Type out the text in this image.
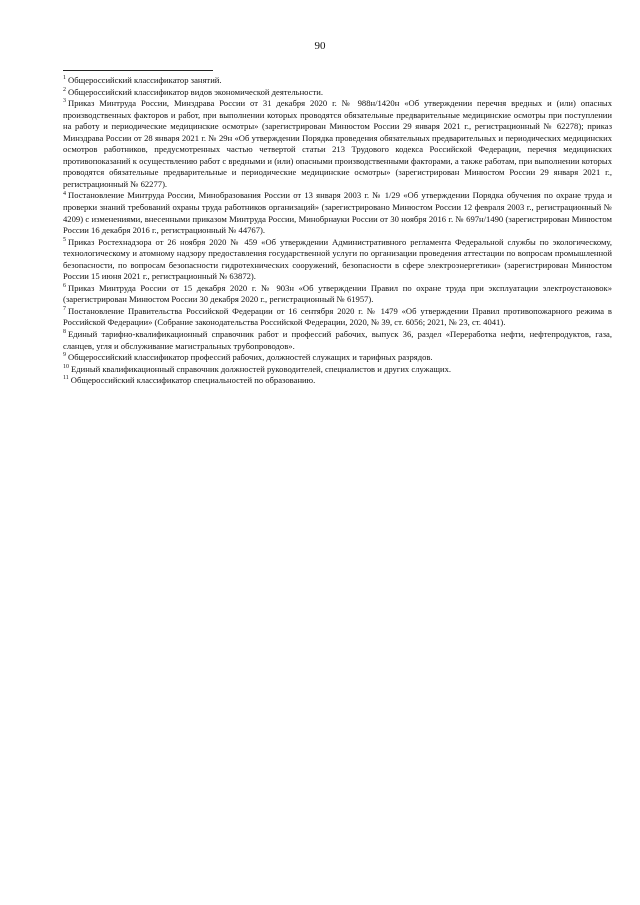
90

$^1$ Общероссийский классификатор занятий.

$^2$ Общероссийский классификатор видов экономической деятельности.

$^3$ Приказ Минтруда России, Минздрава России от 31 декабря 2020 г. № 988н/1420н «Об утверждении перечня вредных и (или) опасных производственных факторов и работ, при выполнении которых проводятся обязательные предварительные медицинские осмотры при поступлении на работу и периодические медицинские осмотры» (зарегистрирован Минюстом России 29 января 2021 г., регистрационный № 62278); приказ Минздрава России от 28 января 2021 г. № 29н «Об утверждении Порядка проведения обязательных предварительных и периодических медицинских осмотров работников, предусмотренных частью четвертой статьи 213 Трудового кодекса Российской Федерации, перечня медицинских противопоказаний к осуществлению работ с вредными и (или) опасными производственными факторами, а также работам, при выполнении которых проводятся обязательные предварительные и периодические медицинские осмотры» (зарегистрирован Минюстом России 29 января 2021 г., регистрационный № 62277).

$^4$ Постановление Минтруда России, Минобразования России от 13 января 2003 г. № 1/29 «Об утверждении Порядка обучения по охране труда и проверки знаний требований охраны труда работников организаций» (зарегистрировано Минюстом России 12 февраля 2003 г., регистрационный № 4209) с изменениями, внесенными приказом Минтруда России, Минобрнауки России от 30 ноября 2016 г. № 697н/1490 (зарегистрирован Минюстом России 16 декабря 2016 г., регистрационный № 44767).

$^5$ Приказ Ростехнадзора от 26 ноября 2020 № 459 «Об утверждении Административного регламента Федеральной службы по экологическому, технологическому и атомному надзору предоставления государственной услуги по организации проведения аттестации по вопросам промышленной безопасности, по вопросам безопасности гидротехнических сооружений, безопасности в сфере электроэнергетики» (зарегистрирован Минюстом России 15 июня 2021 г., регистрационный № 63872).

$^6$ Приказ Минтруда России от 15 декабря 2020 г. № 903н «Об утверждении Правил по охране труда при эксплуатации электроустановок» (зарегистрирован Минюстом России 30 декабря 2020 г., регистрационный № 61957).

$^7$ Постановление Правительства Российской Федерации от 16 сентября 2020 г. № 1479 «Об утверждении Правил противопожарного режима в Российской Федерации» (Собрание законодательства Российской Федерации, 2020, № 39, ст. 6056; 2021, № 23, ст. 4041).

$^8$ Единый тарифно-квалификационный справочник работ и профессий рабочих, выпуск 36, раздел «Переработка нефти, нефтепродуктов, газа, сланцев, угля и обслуживание магистральных трубопроводов».

$^9$ Общероссийский классификатор профессий рабочих, должностей служащих и тарифных разрядов.

$^{10}$ Единый квалификационный справочник должностей руководителей, специалистов и других служащих.

$^{11}$ Общероссийский классификатор специальностей по образованию.
